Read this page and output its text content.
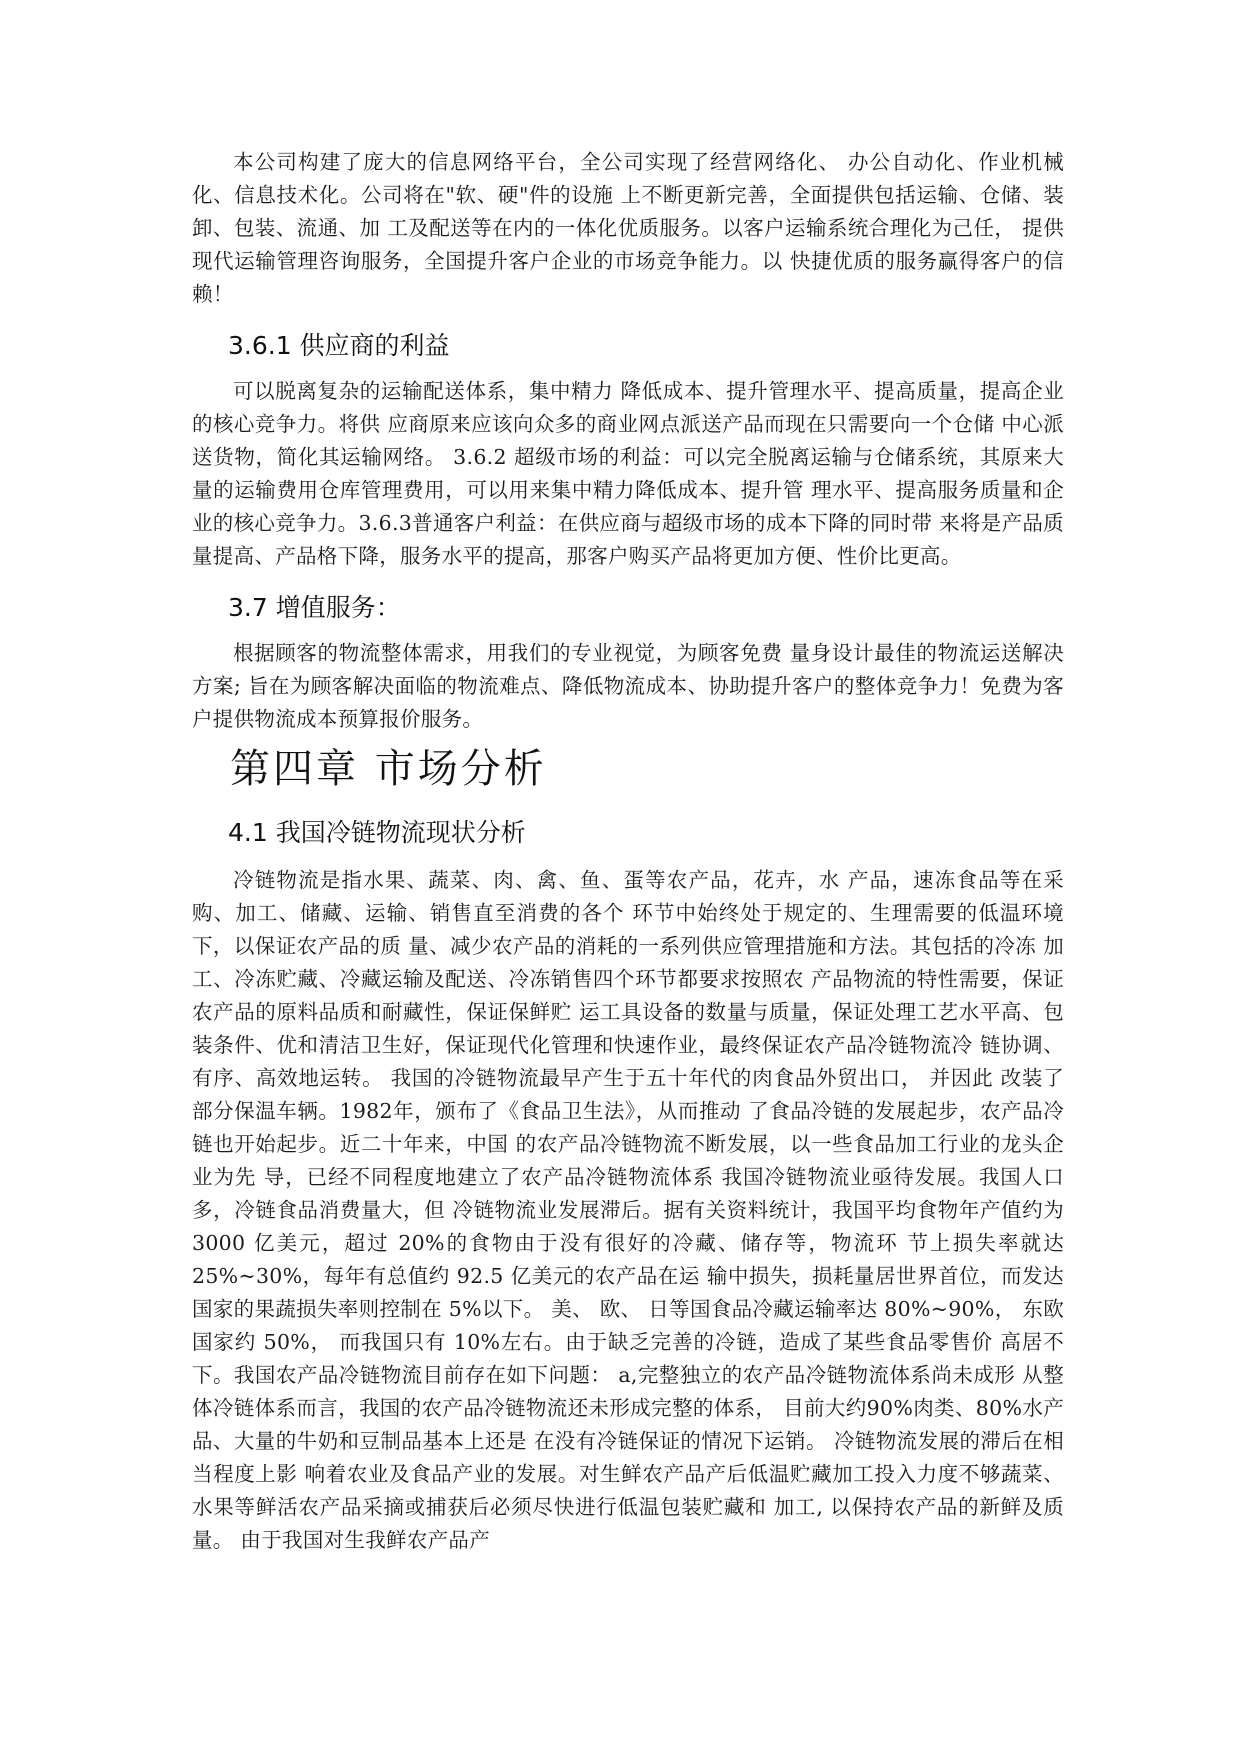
本公司构建了庞大的信息网络平台，全公司实现了经营网络化、 办公自动化、作业机械化、信息技术化。公司将在"软、硬"件的设施 上不断更新完善，全面提供包括运输、仓储、装卸、包装、流通、加 工及配送等在内的一体化优质服务。以客户运输系统合理化为己任， 提供现代运输管理咨询服务，全国提升客户企业的市场竞争能力。以 快捷优质的服务赢得客户的信赖！

3.6.1 供应商的利益

可以脱离复杂的运输配送体系，集中精力 降低成本、提升管理水平、提高质量，提高企业的核心竞争力。将供 应商原来应该向众多的商业网点派送产品而现在只需要向一个仓储 中心派送货物，简化其运输网络。 3.6.2 超级市场的利益：可以完全脱离运输与仓储系统，其原来大量的运输费用仓库管理费用，可以用来集中精力降低成本、提升管 理水平、提高服务质量和企业的核心竞争力。3.6.3普通客户利益：在供应商与超级市场的成本下降的同时带 来将是产品质量提高、产品格下降，服务水平的提高，那客户购买产品将更加方便、性价比更高。

3.7 增值服务：

根据顾客的物流整体需求，用我们的专业视觉，为顾客免费 量身设计最佳的物流运送解决方案; 旨在为顾客解决面临的物流难点、降低物流成本、协助提升客户的整体竞争力！免费为客户提供物流成本预算报价服务。

第四章 市场分析
4.1 我国冷链物流现状分析

冷链物流是指水果、蔬菜、肉、禽、鱼、蛋等农产品，花卉，水 产品，速冻食品等在采购、加工、储藏、运输、销售直至消费的各个 环节中始终处于规定的、生理需要的低温环境下，以保证农产品的质 量、减少农产品的消耗的一系列供应管理措施和方法。其包括的冷冻 加工、冷冻贮藏、冷藏运输及配送、冷冻销售四个环节都要求按照农 产品物流的特性需要，保证农产品的原料品质和耐藏性，保证保鲜贮 运工具设备的数量与质量，保证处理工艺水平高、包装条件、优和清洁卫生好，保证现代化管理和快速作业，最终保证农产品冷链物流冷 链协调、有序、高效地运转。 我国的冷链物流最早产生于五十年代的肉食品外贸出口， 并因此 改装了部分保温车辆。1982年，颁布了《食品卫生法》，从而推动 了食品冷链的发展起步，农产品冷链也开始起步。近二十年来，中国 的农产品冷链物流不断发展，以一些食品加工行业的龙头企业为先 导，已经不同程度地建立了农产品冷链物流体系 我国冷链物流业亟待发展。我国人口多，冷链食品消费量大，但 冷链物流业发展滞后。据有关资料统计，我国平均食物年产值约为 3000 亿美元，超过 20%的食物由于没有很好的冷藏、储存等，物流环 节上损失率就达 25%~30%，每年有总值约 92.5 亿美元的农产品在运 输中损失，损耗量居世界首位，而发达国家的果蔬损失率则控制在 5%以下。 美、 欧、 日等国食品冷藏运输率达 80%~90%， 东欧国家约 50%， 而我国只有 10%左右。由于缺乏完善的冷链，造成了某些食品零售价 高居不下。我国农产品冷链物流目前存在如下问题： a,完整独立的农产品冷链物流体系尚未成形 从整体冷链体系而言，我国的农产品冷链物流还未形成完整的体系， 目前大约90%肉类、80%水产品、大量的牛奶和豆制品基本上还是 在没有冷链保证的情况下运销。 冷链物流发展的滞后在相当程度上影 响着农业及食品产业的发展。对生鲜农产品产后低温贮藏加工投入力度不够蔬菜、 水果等鲜活农产品采摘或捕获后必须尽快进行低温包装贮藏和 加工, 以保持农产品的新鲜及质量。 由于我国对生我鲜农产品产
